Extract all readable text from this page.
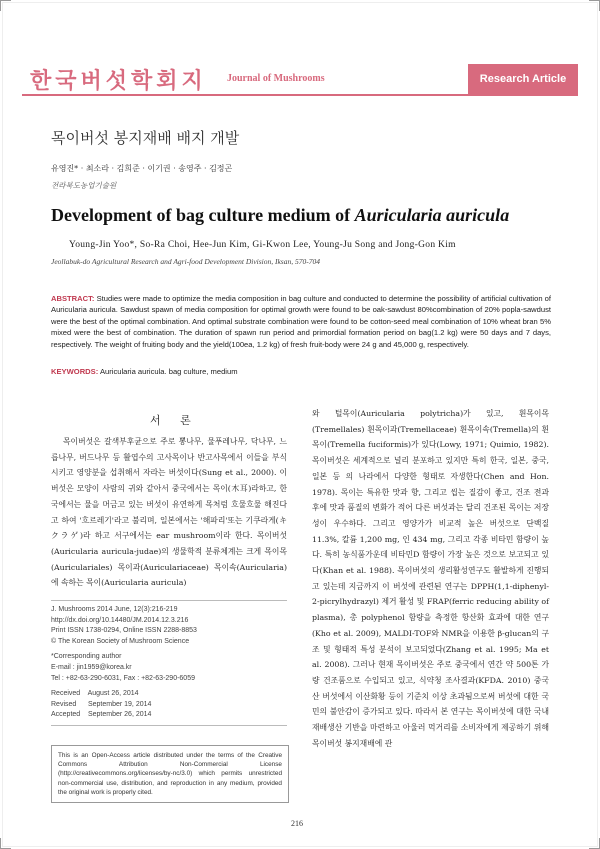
한국버섯학회지 Journal of Mushrooms	Research Article
목이버섯 봉지재배 배지 개발
유영진* · 최소라 · 김희준 · 이기권 · 송영주 · 김정곤
전라북도농업기술원
Development of bag culture medium of Auricularia auricula
Young-Jin Yoo*, So-Ra Choi, Hee-Jun Kim, Gi-Kwon Lee, Young-Ju Song and Jong-Gon Kim
Jeollabuk-do Agricultural Research and Agri-food Development Division, Iksan, 570-704
ABSTRACT: Studies were made to optimize the media composition in bag culture and conducted to determine the possibility of artificial cultivation of Auricularia auricula. Sawdust spawn of media composition for optimal growth were found to be oak-sawdust 80%combination of 20% popla-sawdust were the best of the optimal combination. And optimal substrate combination were found to be cotton-seed meal combination of 10% wheat bran 5% mixed were the best of combination. The duration of spawn run period and primordial formation period on bag(1.2 kg) were 50 days and 7 days, respectively. The weight of fruiting body and the yield(100ea, 1.2 kg) of fresh fruit-body were 24 g and 45,000 g, respectively.
KEYWORDS: Auricularia auricula. bag culture, medium
서 론

목이버섯은 갈색부후균으로 주로 뽕나무, 물푸레나무, 닥나무, 느릅나무, 버드나무 등 활엽수의 고사목이나 반고사목에서 이들을 부식시키고 영양분을 섭취해서 자라는 버섯이다(Sung et al., 2000). 이 버섯은 모양이 사람의 귀와 같아서 중국에서는 목이(木耳)라하고, 한국에서는 물을 머금고 있는 버섯이 유연하게 목처럼 흐물흐물 해진다고 하여 '흐르레기'라고 불리며, 일본에서는 '해파리'또는 기쿠라게(キクラゲ)라 하고 서구에서는 ear mushroom이라 한다. 목이버섯(Auricularia auricula-judae)의 생물학적 분류체계는 크게 목이목(Auriculariales) 목이과(Auriculariaceae) 목이속(Auricularia)에 속하는 목이(Auricularia auricula)

와 털목이(Auricularia polytricha)가 있고, 흰목이목(Tremellales) 흰목이과(Tremellaceae) 흰목이속(Tremella)의 흰목이(Tremella fuciformis)가 있다(Lowy, 1971; Quimio, 1982). 목이버섯은 세계적으로 널리 분포하고 있지만 특히 한국, 일본, 중국, 일본 등 의 나라에서 다양한 형태로 자생한다(Chen and Hon. 1978). 목이는 특유한 맛과 향, 그리고 씹는 질감이 좋고, 건조 전과 후에 맛과 품질의 변화가 적어 다른 버섯과는 달리 건조된 목이는 저장성이 우수하다. 그리고 영양가가 비교적 높은 버섯으로 단백질 11.3%, 칼륨 1,200 mg, 인 434 mg, 그리고 각종 비타민 함량이 높다. 특히 농식품가운데 비타민D 함량이 가장 높은 것으로 보고되고 있다(Khan et al. 1988). 목이버섯의 생리활성연구도 활발하게 진행되고 있는데 지금까지 이 버섯에 관련된 연구는 DPPH(1,1-diphenyl-2-picrylhydrazyl) 제거 활성 및 FRAP(ferric reducing ability of plasma), 총 polyphenol 함량을 측정한 항산화 효과에 대한 연구(Kho et al. 2009), MALDI-TOF와 NMR을 이용한 β-glucan의 구조 및 형태적 특성 분석이 보고되었다(Zhang et al. 1995; Ma et al. 2008). 그러나 현재 목이버섯은 주로 중국에서 연간 약 500톤 가량 건조품으로 수입되고 있고, 식약청 조사결과(KFDA. 2010) 중국산 버섯에서 이산화황 등이 기준치 이상 초과됨으로써 버섯에 대한 국민의 불안감이 증가되고 있다. 따라서 본 연구는 목이버섯에 대한 국내 재배생산 기반을 마련하고 아울러 먹거리를 소비자에게 제공하기 위해 목이버섯 봉지재배에 관

J. Mushrooms 2014 June, 12(3):216-219
http://dx.doi.org/10.14480/JM.2014.12.3.216
Print ISSN 1738-0294, Online ISSN 2288-8853
© The Korean Society of Mushroom Science
*Corresponding author
E-mail : jin1959@korea.kr
Tel : +82-63-290-6031, Fax : +82-63-290-6059
Received    August 26, 2014
Revised      September 19, 2014
Accepted    September 26, 2014
This is an Open-Access article distributed under the terms of the Creative Commons Attribution Non-Commercial License (http://creativecommons.org/licenses/by-nc/3.0) which permits unrestricted non-commercial use, distribution, and reproduction in any medium, provided the original work is properly cited.
216
